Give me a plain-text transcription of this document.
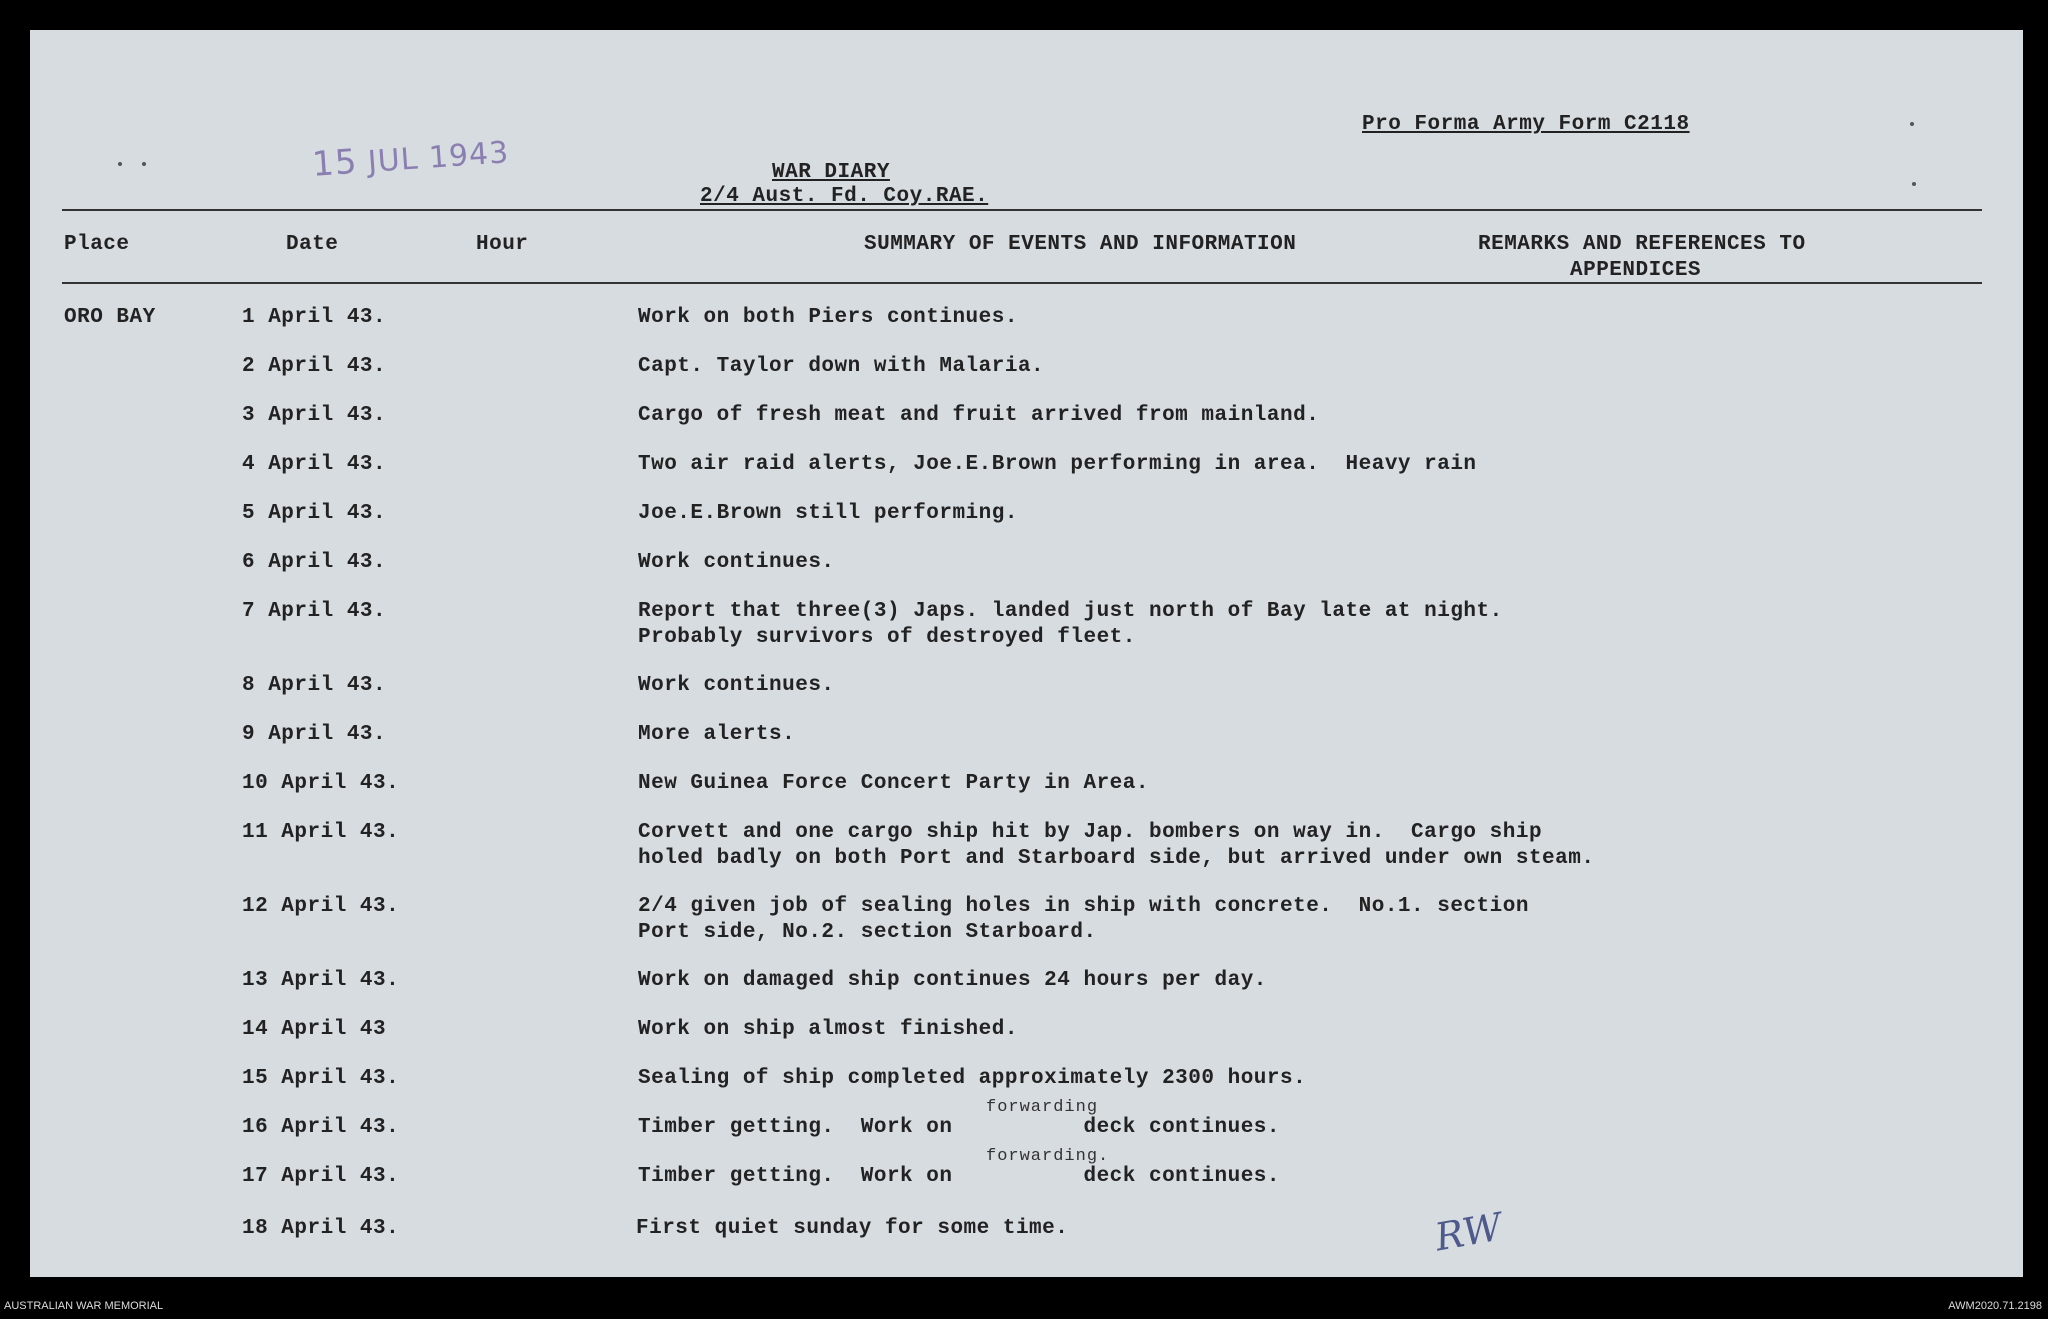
15 JUL 1943
Pro Forma Army Form C2118
WAR DIARY
2/4 Aust. Fd. Coy.RAE.
Place	Date	Hour	SUMMARY OF EVENTS AND INFORMATION	REMARKS AND REFERENCES TO
APPENDICES
ORO BAY	1 April 43.	Work on both Piers continues.
2 April 43.	Capt. Taylor down with Malaria.
3 April 43.	Cargo of fresh meat and fruit arrived from mainland.
4 April 43.	Two air raid alerts, Joe.E.Brown performing in area.  Heavy rain
5 April 43.	Joe.E.Brown still performing.
6 April 43.	Work continues.
7 April 43.	Report that three(3) Japs. landed just north of Bay late at night.
Probably survivors of destroyed fleet.
8 April 43.	Work continues.
9 April 43.	More alerts.
10 April 43.	New Guinea Force Concert Party in Area.
11 April 43.	Corvett and one cargo ship hit by Jap. bombers on way in.  Cargo ship
holed badly on both Port and Starboard side, but arrived under own steam.
12 April 43.	2/4 given job of sealing holes in ship with concrete.  No.1. section
Port side, No.2. section Starboard.
13 April 43.	Work on damaged ship continues 24 hours per day.
14 April 43	Work on ship almost finished.
15 April 43.	Sealing of ship completed approximately 2300 hours.
16 April 43.	Timber getting.  Work on          deck continues.
17 April 43.	Timber getting.  Work on          deck continues.
18 April 43.	First quiet sunday for some time.
forwarding
forwarding.
RW
AUSTRALIAN WAR MEMORIAL	AWM2020.71.2198
